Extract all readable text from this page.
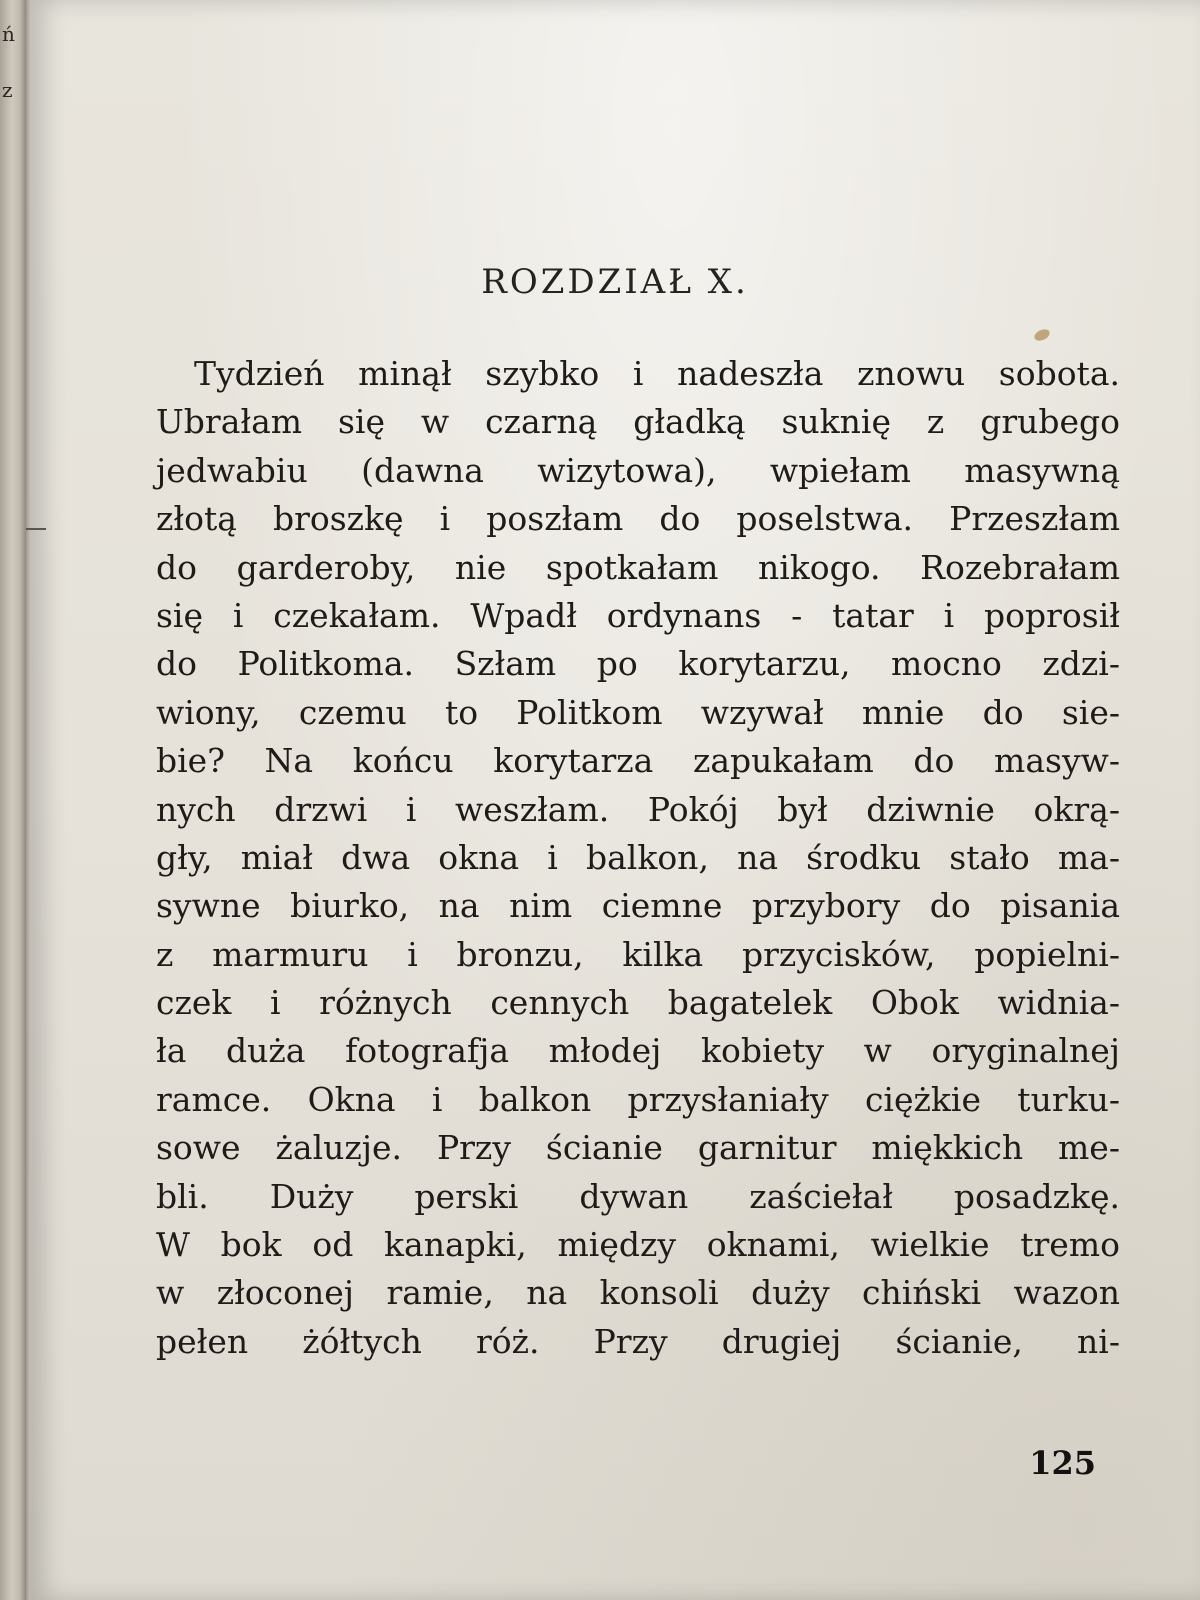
ń
z
ROZDZIAŁ X.
Tydzień minął szybko i nadeszła znowu sobota.
Ubrałam się w czarną gładką suknię z grubego
jedwabiu (dawna wizytowa), wpiełam masywną
złotą broszkę i poszłam do poselstwa. Przeszłam
do garderoby, nie spotkałam nikogo. Rozebrałam
się i czekałam. Wpadł ordynans - tatar i poprosił
do Politkoma. Szłam po korytarzu, mocno zdzi-
wiony, czemu to Politkom wzywał mnie do sie-
bie? Na końcu korytarza zapukałam do masyw-
nych drzwi i weszłam. Pokój był dziwnie okrą-
gły, miał dwa okna i balkon, na środku stało ma-
sywne biurko, na nim ciemne przybory do pisania
z marmuru i bronzu, kilka przycisków, popielni-
czek i różnych cennych bagatelek Obok widnia-
ła duża fotografja młodej kobiety w oryginalnej
ramce. Okna i balkon przysłaniały ciężkie turku-
sowe żaluzje. Przy ścianie garnitur miękkich me-
bli. Duży perski dywan zaściełał posadzkę.
W bok od kanapki, między oknami, wielkie tremo
w złoconej ramie, na konsoli duży chiński wazon
pełen żółtych róż. Przy drugiej ścianie, ni-
125
